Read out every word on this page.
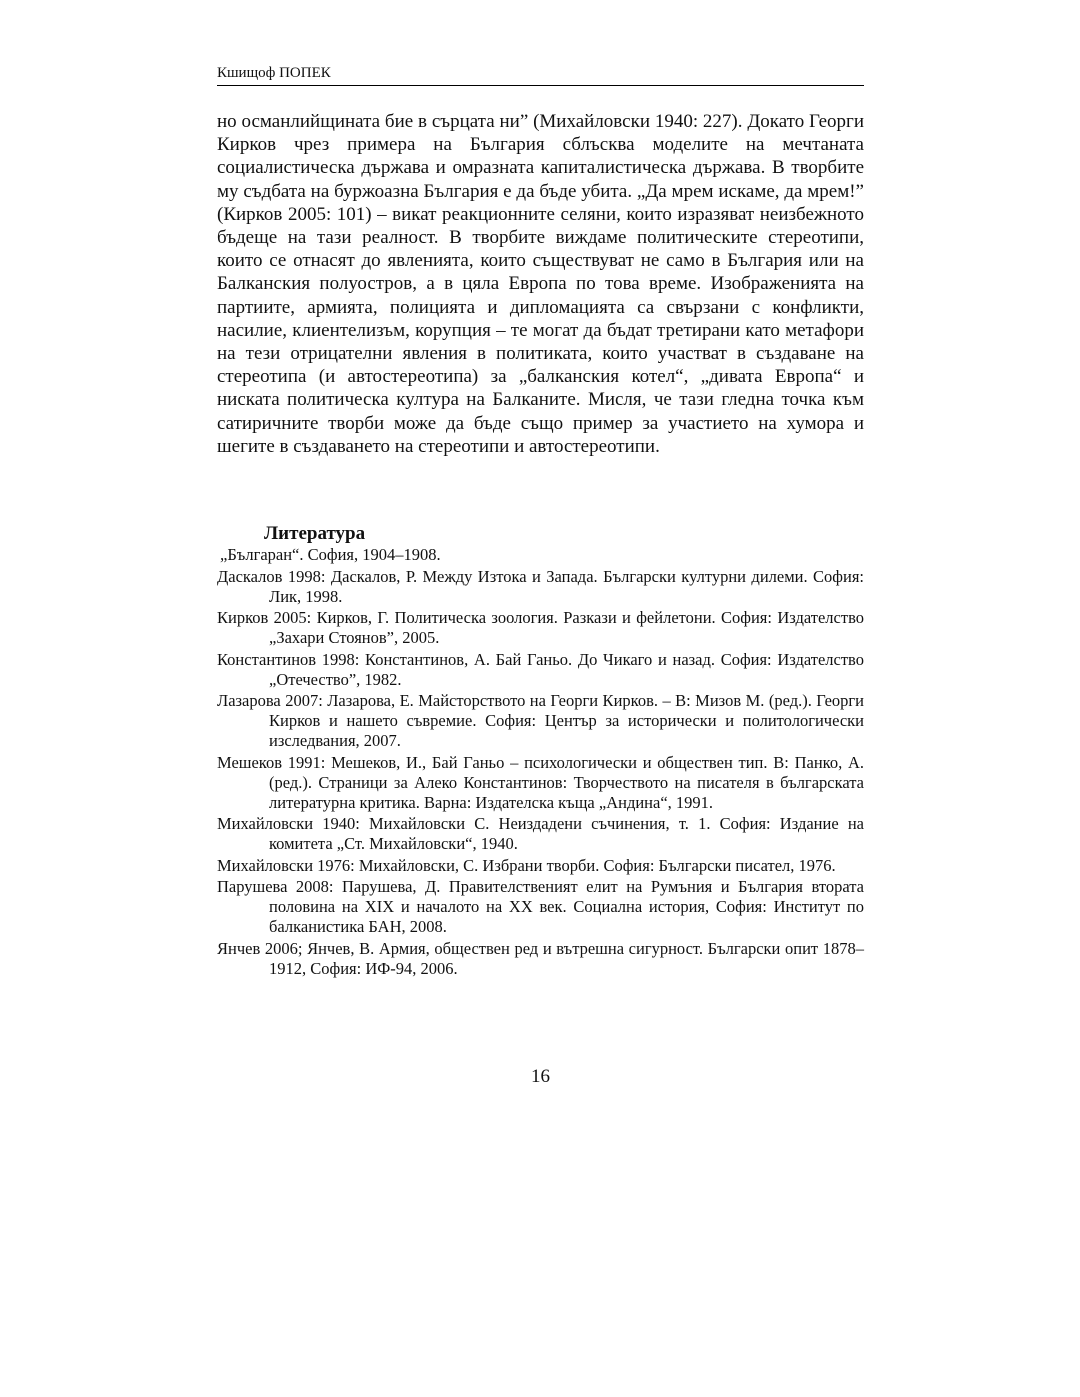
Кшищоф ПОПЕК

но османлийщината бие в сърцата ни” (Михайловски 1940: 227). Докато Георги Кирков чрез примера на България сблъсква моделите на мечтаната социалистическа държава и омразната капиталистическа държава. В творбите му съдбата на буржоазна България е да бъде убита. „Да мрем искаме, да мрем!” (Кирков 2005: 101) – викат реакционните селяни, които изразяват неизбежното бъдеще на тази реалност. В творбите виждаме политическите стереотипи, които се отнасят до явленията, които съществуват не само в България или на Балканския полуостров, а в цяла Европа по това време. Изображенията на партиите, армията, полицията и дипломацията са свързани с конфликти, насилие, клиентелизъм, корупция – те могат да бъдат третирани като метафори на тези отрицателни явления в политиката, които участват в създаване на стереотипа (и автостереотипа) за „балканския котел“, „дивата Европа“ и ниската политическа култура на Балканите. Мисля, че тази гледна точка към сатиричните творби може да бъде също пример за участието на хумора и шегите в създаването на стереотипи и автостереотипи.

Литература
„Българан“. София, 1904–1908.
Даскалов 1998: Даскалов, Р. Между Изтока и Запада. Български културни дилеми. София: Лик, 1998.
Кирков 2005: Кирков, Г. Политическа зоология. Разкази и фейлетони. София: Издателство „Захари Стоянов”, 2005.
Константинов 1998: Константинов, А. Бай Ганьо. До Чикаго и назад. София: Издателство „Отечество”, 1982.
Лазарова 2007: Лазарова, Е. Майсторството на Георги Кирков. – В: Мизов М. (ред.). Георги Кирков и нашето съвремие. София: Център за исторически и политологически изследвания, 2007.
Мешеков 1991: Мешеков, И., Бай Ганьо – психологически и обществен тип. В: Панко, А. (ред.). Страници за Алеко Константинов: Творчеството на писателя в българската литературна критика. Варна: Издателска къща „Андина“, 1991.
Михайловски 1940: Михайловски С. Неиздадени съчинения, т. 1. София: Издание на комитета „Ст. Михайловски“, 1940.
Михайловски 1976: Михайловски, С. Избрани творби. София: Български писател, 1976.
Парушева 2008: Парушева, Д. Правителственият елит на Румъния и България втората половина на XIX и началото на XX век. Социална история, София: Институт по балканистика БАН, 2008.
Янчев 2006; Янчев, В. Армия, обществен ред и вътрешна сигурност. Български опит 1878–1912, София: ИФ-94, 2006.
16
